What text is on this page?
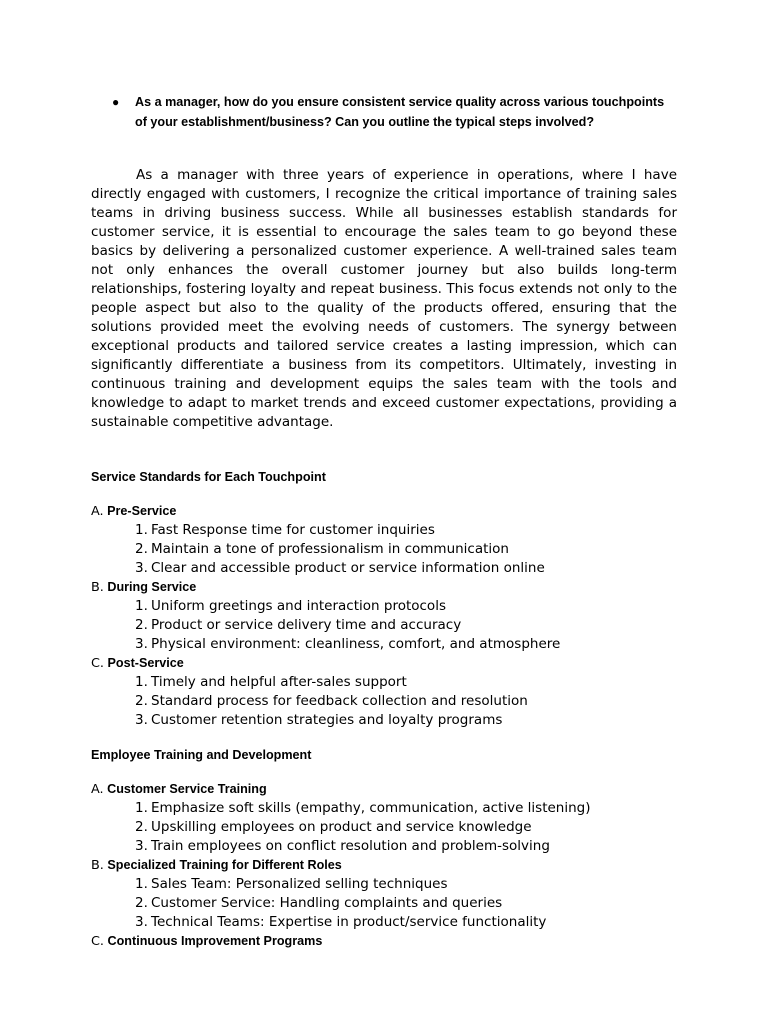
● As a manager, how do you ensure consistent service quality across various touchpoints of your establishment/business? Can you outline the typical steps involved?

As a manager with three years of experience in operations, where I have directly engaged with customers, I recognize the critical importance of training sales teams in driving business success. While all businesses establish standards for customer service, it is essential to encourage the sales team to go beyond these basics by delivering a personalized customer experience. A well-trained sales team not only enhances the overall customer journey but also builds long-term relationships, fostering loyalty and repeat business. This focus extends not only to the people aspect but also to the quality of the products offered, ensuring that the solutions provided meet the evolving needs of customers. The synergy between exceptional products and tailored service creates a lasting impression, which can significantly differentiate a business from its competitors. Ultimately, investing in continuous training and development equips the sales team with the tools and knowledge to adapt to market trends and exceed customer expectations, providing a sustainable competitive advantage.

Service Standards for Each Touchpoint

A. Pre-Service
1. Fast Response time for customer inquiries
2. Maintain a tone of professionalism in communication
3. Clear and accessible product or service information online
B. During Service
1. Uniform greetings and interaction protocols
2. Product or service delivery time and accuracy
3. Physical environment: cleanliness, comfort, and atmosphere
C. Post-Service
1. Timely and helpful after-sales support
2. Standard process for feedback collection and resolution
3. Customer retention strategies and loyalty programs

Employee Training and Development

A. Customer Service Training
1. Emphasize soft skills (empathy, communication, active listening)
2. Upskilling employees on product and service knowledge
3. Train employees on conflict resolution and problem-solving
B. Specialized Training for Different Roles
1. Sales Team: Personalized selling techniques
2. Customer Service: Handling complaints and queries
3. Technical Teams: Expertise in product/service functionality
C. Continuous Improvement Programs
